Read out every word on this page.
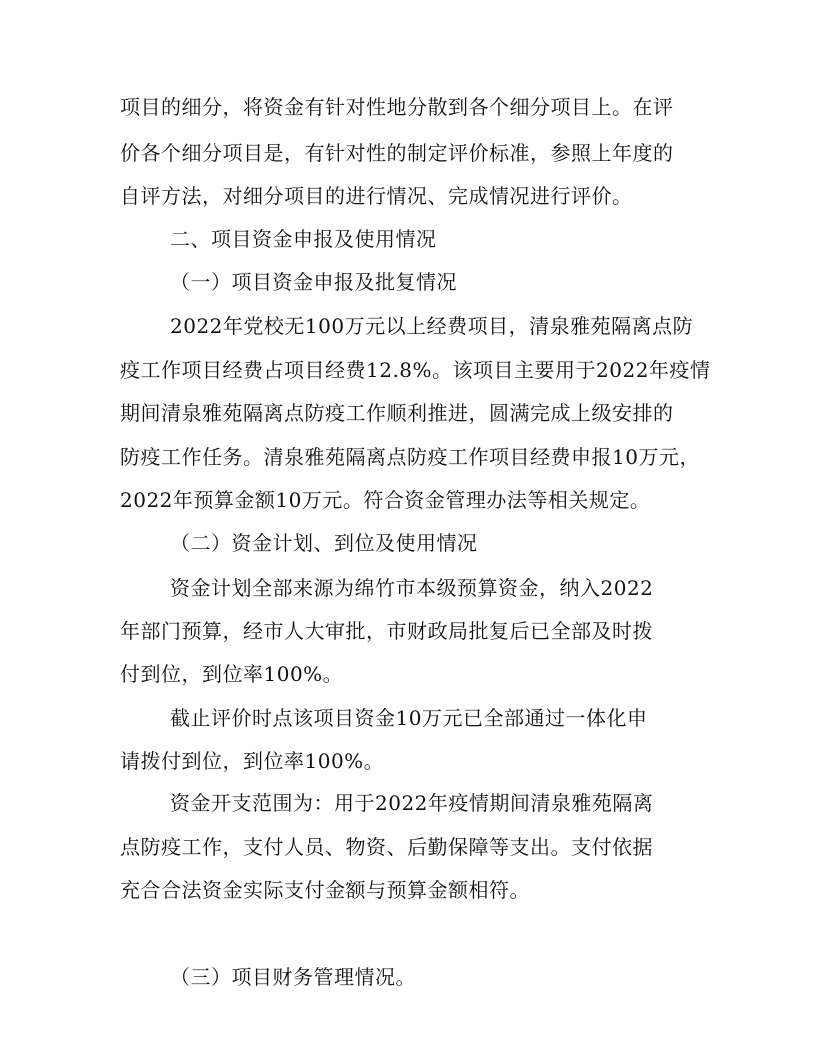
项目的细分，将资金有针对性地分散到各个细分项目上。在评
价各个细分项目是，有针对性的制定评价标准，参照上年度的
自评方法，对细分项目的进行情况、完成情况进行评价。
二、项目资金申报及使用情况
（一）项目资金申报及批复情况
2022年党校无100万元以上经费项目，清泉雅苑隔离点防
疫工作项目经费占项目经费12.8%。该项目主要用于2022年疫情
期间清泉雅苑隔离点防疫工作顺利推进，圆满完成上级安排的
防疫工作任务。清泉雅苑隔离点防疫工作项目经费申报10万元，
2022年预算金额10万元。符合资金管理办法等相关规定。
（二）资金计划、到位及使用情况
资金计划全部来源为绵竹市本级预算资金，纳入2022
年部门预算，经市人大审批，市财政局批复后已全部及时拨
付到位，到位率100%。
截止评价时点该项目资金10万元已全部通过一体化申
请拨付到位，到位率100%。
资金开支范围为：用于2022年疫情期间清泉雅苑隔离
点防疫工作，支付人员、物资、后勤保障等支出。支付依据
充合合法资金实际支付金额与预算金额相符。
（三）项目财务管理情况。
